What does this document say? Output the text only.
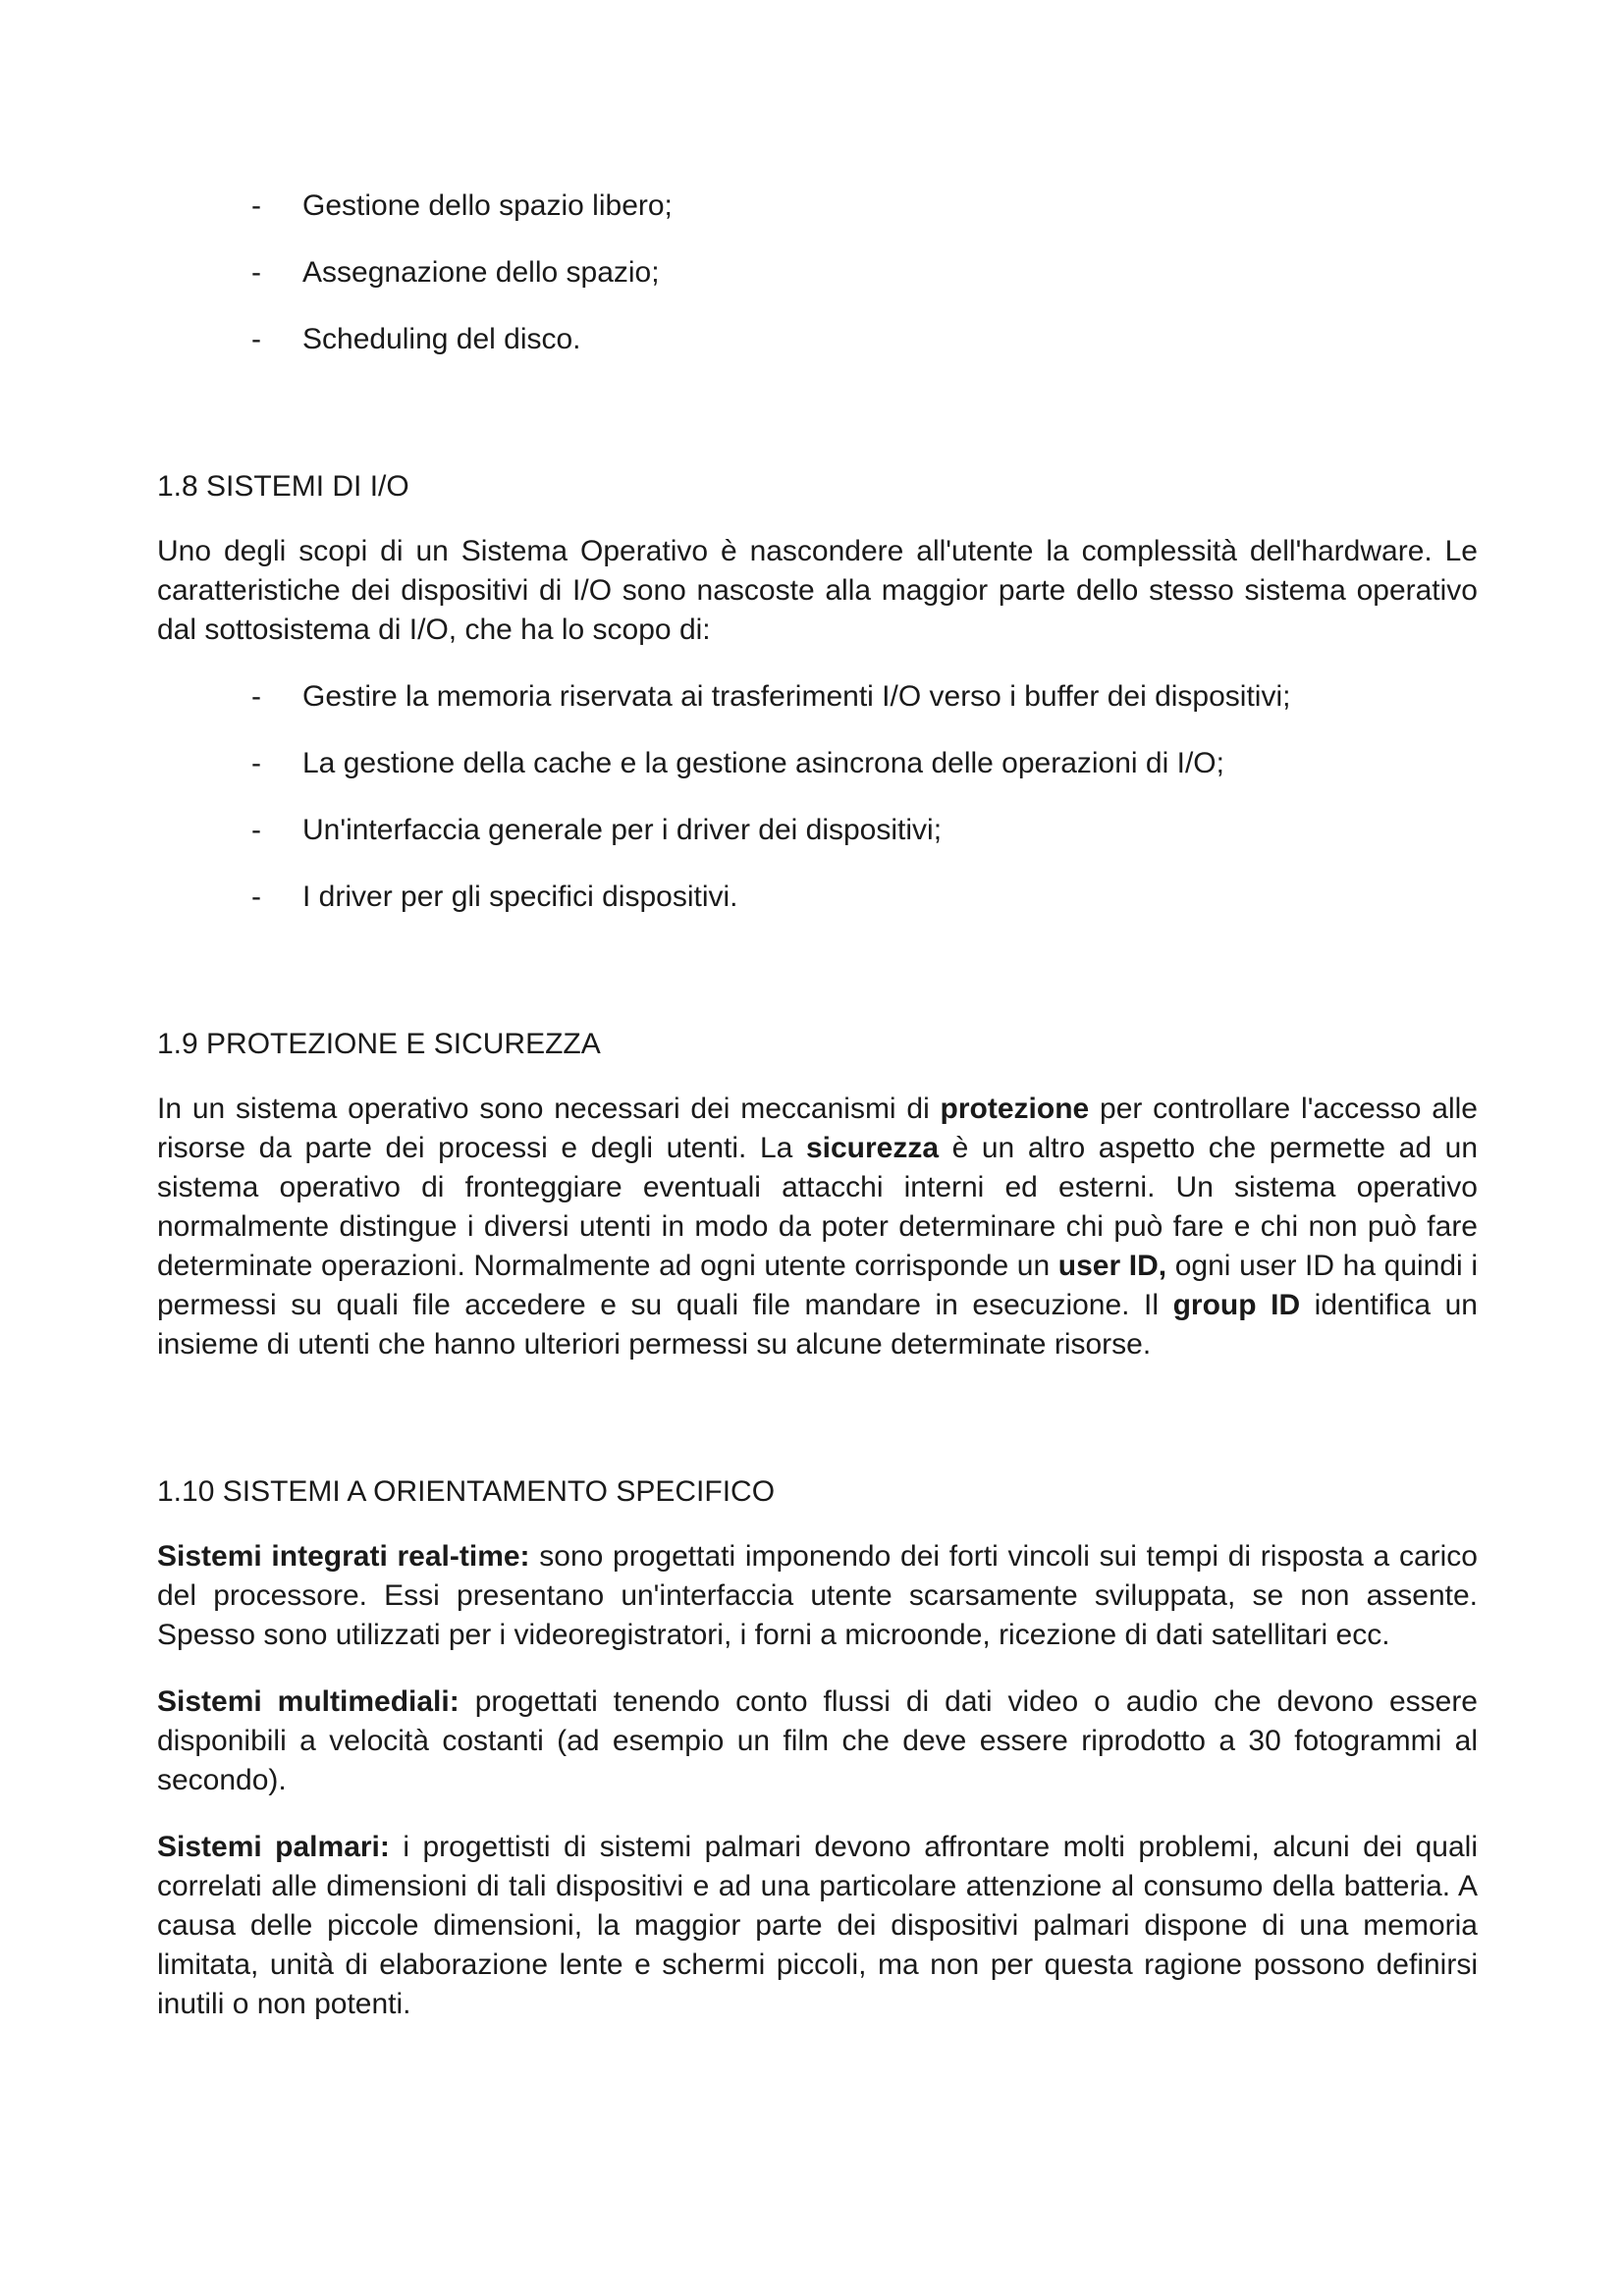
- Gestione dello spazio libero;
- Assegnazione dello spazio;
- Scheduling del disco.
1.8 SISTEMI DI I/O

Uno degli scopi di un Sistema Operativo è nascondere all'utente la complessità dell'hardware. Le caratteristiche dei dispositivi di I/O sono nascoste alla maggior parte dello stesso sistema operativo dal sottosistema di I/O, che ha lo scopo di:

- Gestire la memoria riservata ai trasferimenti I/O verso i buffer dei dispositivi;
- La gestione della cache e la gestione asincrona delle operazioni di I/O;
- Un'interfaccia generale per i driver dei dispositivi;
- I driver per gli specifici dispositivi.
1.9 PROTEZIONE E SICUREZZA

In un sistema operativo sono necessari dei meccanismi di protezione per controllare l'accesso alle risorse da parte dei processi e degli utenti. La sicurezza è un altro aspetto che permette ad un sistema operativo di fronteggiare eventuali attacchi interni ed esterni. Un sistema operativo normalmente distingue i diversi utenti in modo da poter determinare chi può fare e chi non può fare determinate operazioni. Normalmente ad ogni utente corrisponde un user ID, ogni user ID ha quindi i permessi su quali file accedere e su quali file mandare in esecuzione. Il group ID identifica un insieme di utenti che hanno ulteriori permessi su alcune determinate risorse.

1.10 SISTEMI A ORIENTAMENTO SPECIFICO

Sistemi integrati real-time: sono progettati imponendo dei forti vincoli sui tempi di risposta a carico del processore. Essi presentano un'interfaccia utente scarsamente sviluppata, se non assente. Spesso sono utilizzati per i videoregistratori, i forni a microonde, ricezione di dati satellitari ecc.

Sistemi multimediali: progettati tenendo conto flussi di dati video o audio che devono essere disponibili a velocità costanti (ad esempio un film che deve essere riprodotto a 30 fotogrammi al secondo).

Sistemi palmari: i progettisti di sistemi palmari devono affrontare molti problemi, alcuni dei quali correlati alle dimensioni di tali dispositivi e ad una particolare attenzione al consumo della batteria. A causa delle piccole dimensioni, la maggior parte dei dispositivi palmari dispone di una memoria limitata, unità di elaborazione lente e schermi piccoli, ma non per questa ragione possono definirsi inutili o non potenti.
